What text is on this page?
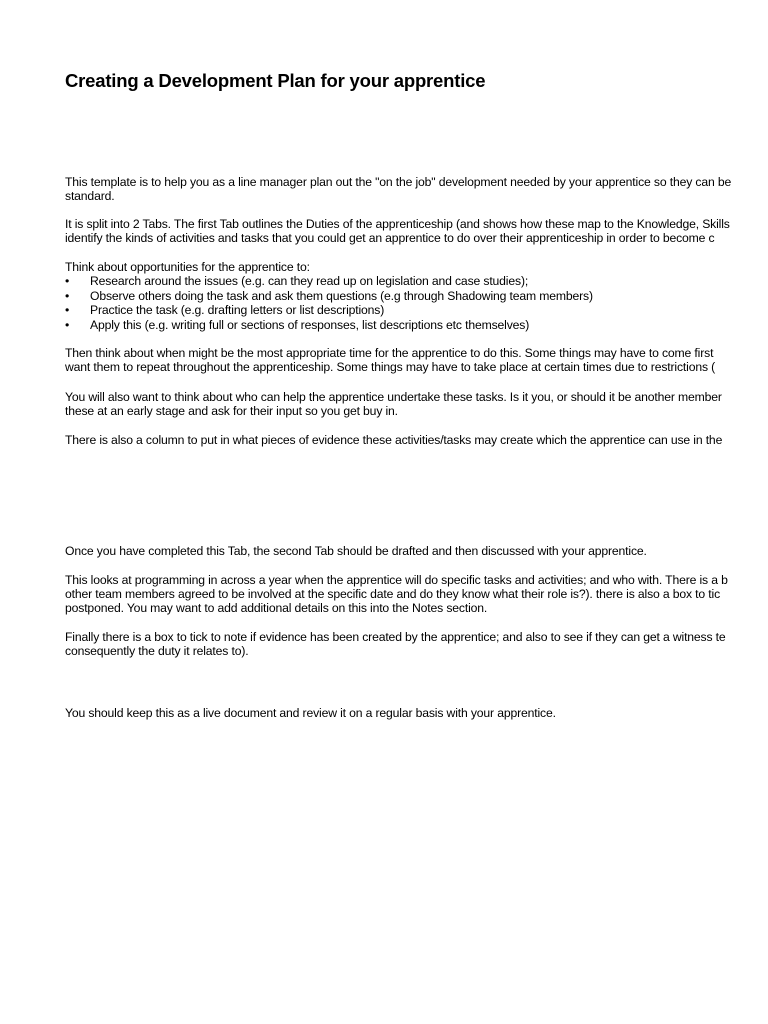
Creating a Development Plan for your apprentice
This template is to help you as a line manager plan out the "on the job" development needed by your apprentice so they can be
standard.
It is split into 2 Tabs. The first Tab outlines the Duties of the apprenticeship (and shows how these map to the Knowledge, Skills
identify the kinds of activities and tasks that you could get an apprentice to do over their apprenticeship in order to become c
Think about opportunities for the apprentice to:
• Research around the issues (e.g. can they read up on legislation and case studies);
• Observe others doing the task and ask them questions (e.g through Shadowing team members)
• Practice the task (e.g. drafting letters or list descriptions)
• Apply this (e.g. writing full or sections of responses, list descriptions etc themselves)
Then think about when might be the most appropriate time for the apprentice to do this. Some things may have to come first
want them to repeat throughout the apprenticeship. Some things may have to take place at certain times due to restrictions (
You will also want to think about who can help the apprentice undertake these tasks. Is it you, or should it be another member
these at an early stage and ask for their input so you get buy in.
There is also a column to put in what pieces of evidence these activities/tasks may create which the apprentice can use in the
Once you have completed this Tab, the second Tab should be drafted and then discussed with your apprentice.
This looks at programming in across a year when the apprentice will do specific tasks and activities; and who with. There is a b
other team members agreed to be involved at the specific date and do they know what their role is?). there is also a box to tic
postponed. You may want to add additional details on this into the Notes section.
Finally there is a box to tick to note if evidence has been created by the apprentice; and also to see if they can get a witness te
consequently the duty it relates to).
You should keep this as a live document and review it on a regular basis with your apprentice.
